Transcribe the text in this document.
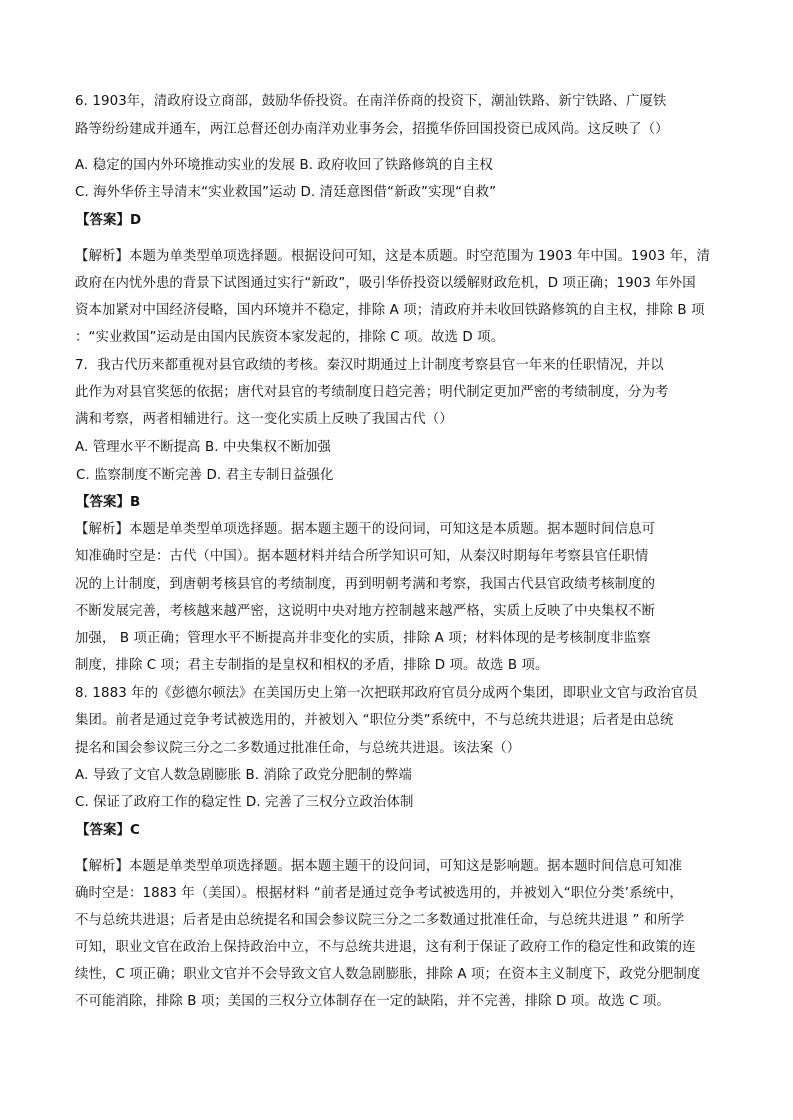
6. 1903年，清政府设立商部，鼓励华侨投资。在南洋侨商的投资下，潮汕铁路、新宁铁路、广厦铁
路等纷纷建成并通车，两江总督还创办南洋劝业事务会，招揽华侨回国投资已成风尚。这反映了（）
A. 稳定的国内外环境推动实业的发展 B. 政府收回了铁路修筑的自主权
C. 海外华侨主导清末“实业救国”运动 D. 清廷意图借“新政”实现“自救”
【答案】D
【解析】本题为单类型单项选择题。根据设问可知，这是本质题。时空范围为 1903 年中国。1903 年，清
政府在内忧外患的背景下试图通过实行“新政”，吸引华侨投资以缓解财政危机，D 项正确；1903 年外国
资本加紧对中国经济侵略，国内环境并不稳定，排除 A 项；清政府并未收回铁路修筑的自主权，排除 B 项
：“实业救国”运动是由国内民族资本家发起的，排除 C 项。故选 D 项。
7．我古代历来都重视对县官政绩的考核。秦汉时期通过上计制度考察县官一年来的任职情况，并以
此作为对县官奖惩的依据；唐代对县官的考绩制度日趋完善；明代制定更加严密的考绩制度，分为考
满和考察，两者相辅进行。这一变化实质上反映了我国古代（）
A. 管理水平不断提高 B. 中央集权不断加强
C. 监察制度不断完善 D. 君主专制日益强化
【答案】B
【解析】本题是单类型单项选择题。据本题主题干的设问词，可知这是本质题。据本题时间信息可
知准确时空是：古代（中国）。据本题材料并结合所学知识可知，从秦汉时期每年考察县官任职情
况的上计制度，到唐朝考核县官的考绩制度，再到明朝考满和考察，我国古代县官政绩考核制度的
不断发展完善，考核越来越严密，这说明中央对地方控制越来越严格，实质上反映了中央集权不断
加强， B 项正确；管理水平不断提高并非变化的实质，排除 A 项；材料体现的是考核制度非监察
制度，排除 C 项；君主专制指的是皇权和相权的矛盾，排除 D 项。故选 B 项。
8. 1883 年的《彭德尔顿法》在美国历史上第一次把联邦政府官员分成两个集团，即职业文官与政治官员
集团。前者是通过竞争考试被选用的，并被划入 “职位分类”系统中，不与总统共进退；后者是由总统
提名和国会参议院三分之二多数通过批准任命，与总统共进退。该法案（）
A. 导致了文官人数急剧膨胀 B. 消除了政党分肥制的弊端
C. 保证了政府工作的稳定性 D. 完善了三权分立政治体制
【答案】C
【解析】本题是单类型单项选择题。据本题主题干的设问词，可知这是影响题。据本题时间信息可知准
确时空是：1883 年（美国）。根据材料 “前者是通过竞争考试被选用的，并被划入“职位分类’系统中，
不与总统共进退；后者是由总统提名和国会参议院三分之二多数通过批准任命，与总统共进退 ” 和所学
可知，职业文官在政治上保持政治中立，不与总统共进退，这有利于保证了政府工作的稳定性和政策的连
续性，C 项正确；职业文官并不会导致文官人数急剧膨胀，排除 A 项；在资本主义制度下，政党分肥制度
不可能消除，排除 B 项；美国的三权分立体制存在一定的缺陷，并不完善，排除 D 项。故选 C 项。
